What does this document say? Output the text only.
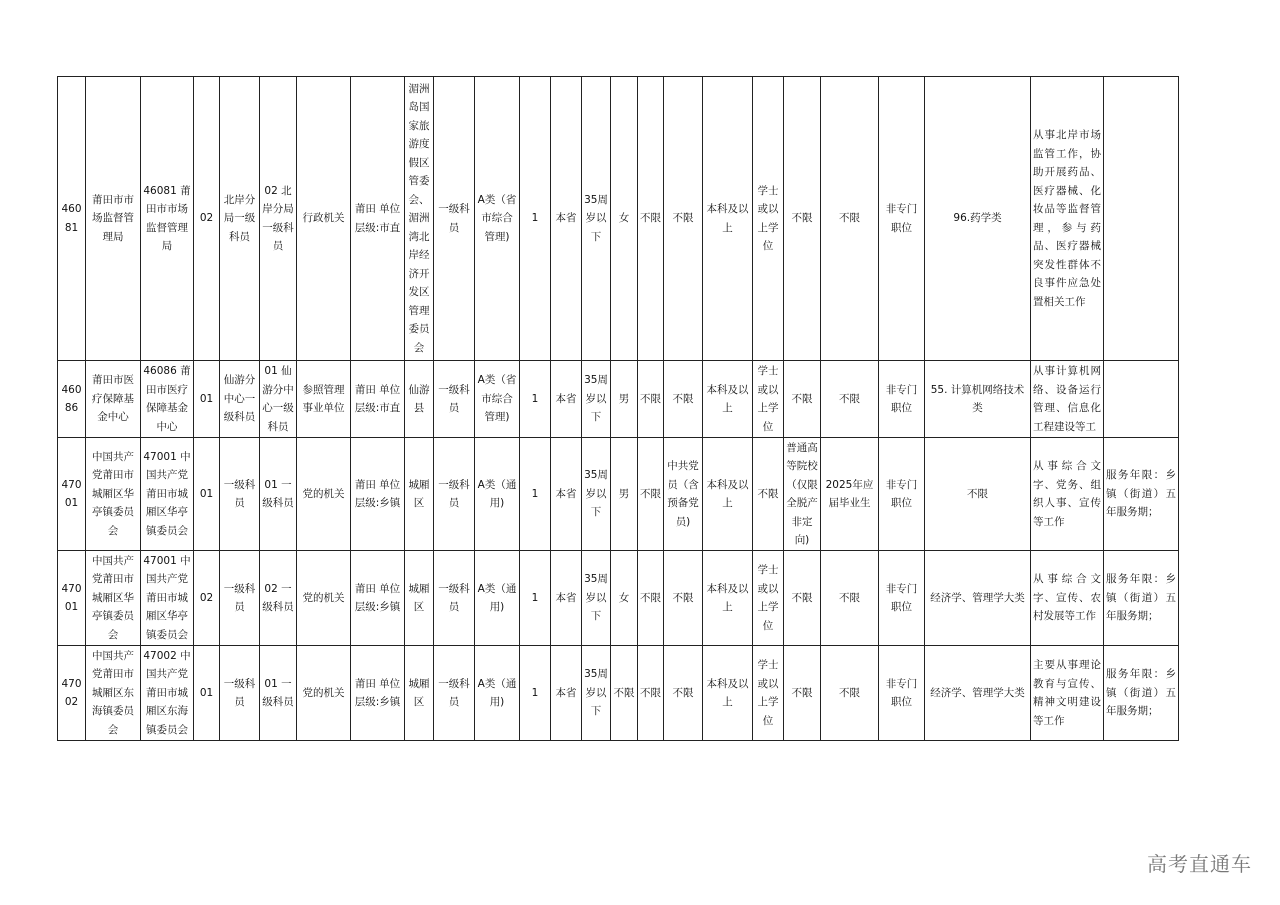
46081	莆田市市场监督管理局	46081 莆田市市场监督管理局	02	北岸分局一级科员	02 北岸分局一级科员	行政机关	莆田 单位层级:市直	湄洲岛国家旅游度假区管委会、湄洲湾北岸经济开发区管理委员会	一级科员	A类（省市综合管理)	1	本省	35周岁以下	女	不限	不限	本科及以上	学士或以上学位	不限	不限	非专门职位	96.药学类	从事北岸市场监管工作，协助开展药品、医疗器械、化妆品等监督管理，参与药品、医疗器械突发性群体不良事件应急处置相关工作	
46086	莆田市医疗保障基金中心	46086 莆田市医疗保障基金中心	01	仙游分中心一级科员	01 仙游分中心一级科员	参照管理事业单位	莆田 单位层级:市直	仙游县	一级科员	A类（省市综合管理)	1	本省	35周岁以下	男	不限	不限	本科及以上	学士或以上学位	不限	不限	非专门职位	55. 计算机网络技术类	从事计算机网络、设备运行管理、信息化工程建设等工	
47001	中国共产党莆田市城厢区华亭镇委员会	47001 中国共产党莆田市城厢区华亭镇委员会	01	一级科员	01 一级科员	党的机关	莆田 单位层级:乡镇	城厢区	一级科员	A类（通用)	1	本省	35周岁以下	男	不限	中共党员（含预备党员)	本科及以上	不限	普通高等院校（仅限全脱产非定向)	2025年应届毕业生	非专门职位	不限	从事综合文字、党务、组织人事、宣传等工作	服务年限：乡镇（街道）五年服务期；
47001	中国共产党莆田市城厢区华亭镇委员会	47001 中国共产党莆田市城厢区华亭镇委员会	02	一级科员	02 一级科员	党的机关	莆田 单位层级:乡镇	城厢区	一级科员	A类（通用)	1	本省	35周岁以下	女	不限	不限	本科及以上	学士或以上学位	不限	不限	非专门职位	经济学、管理学大类	从事综合文字、宣传、农村发展等工作	服务年限：乡镇（街道）五年服务期；
47002	中国共产党莆田市城厢区东海镇委员会	47002 中国共产党莆田市城厢区东海镇委员会	01	一级科员	01 一级科员	党的机关	莆田 单位层级:乡镇	城厢区	一级科员	A类（通用)	1	本省	35周岁以下	不限	不限	不限	本科及以上	学士或以上学位	不限	不限	非专门职位	经济学、管理学大类	主要从事理论教育与宣传、精神文明建设等工作	服务年限：乡镇（街道）五年服务期；
高考直通车
